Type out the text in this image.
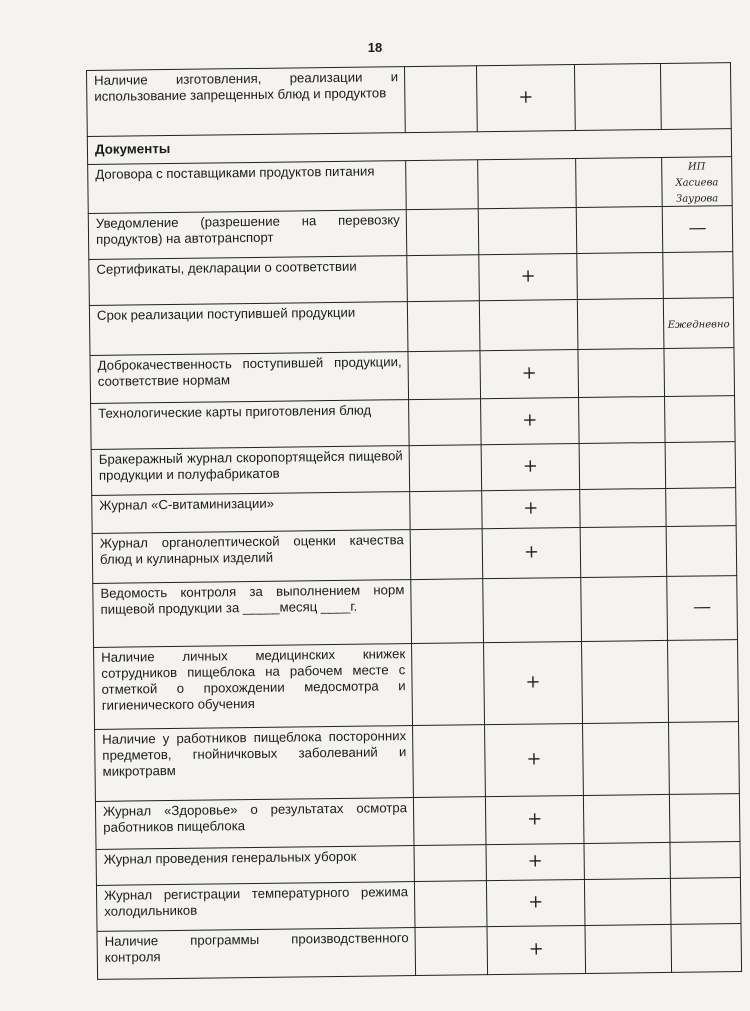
18
Наличие изготовления, реализации и использование запрещенных блюд и продуктов		+		
Документы				
Договора с поставщиками продуктов питания				ИП Хасиева Заурова
Уведомление (разрешение на перевозку продуктов) на автотранспорт				—
Сертификаты, декларации о соответствии		+		
Срок реализации поступившей продукции				Ежедневно
Доброкачественность поступившей продукции, соответствие нормам		+		
Технологические карты приготовления блюд		+		
Бракеражный журнал скоропортящейся пищевой продукции и полуфабрикатов		+		
Журнал «С-витаминизации»		+		
Журнал органолептической оценки качества блюд и кулинарных изделий		+		
Ведомость контроля за выполнением норм пищевой продукции за _____месяц ____г.				—
Наличие личных медицинских книжек сотрудников пищеблока на рабочем месте с отметкой о прохождении медосмотра и гигиенического обучения		+		
Наличие у работников пищеблока посторонних предметов, гнойничковых заболеваний и микротравм		+		
Журнал «Здоровье» о результатах осмотра работников пищеблока		+		
Журнал проведения генеральных уборок		+		
Журнал регистрации температурного режима холодильников		+		
Наличие программы производственного контроля		+		
